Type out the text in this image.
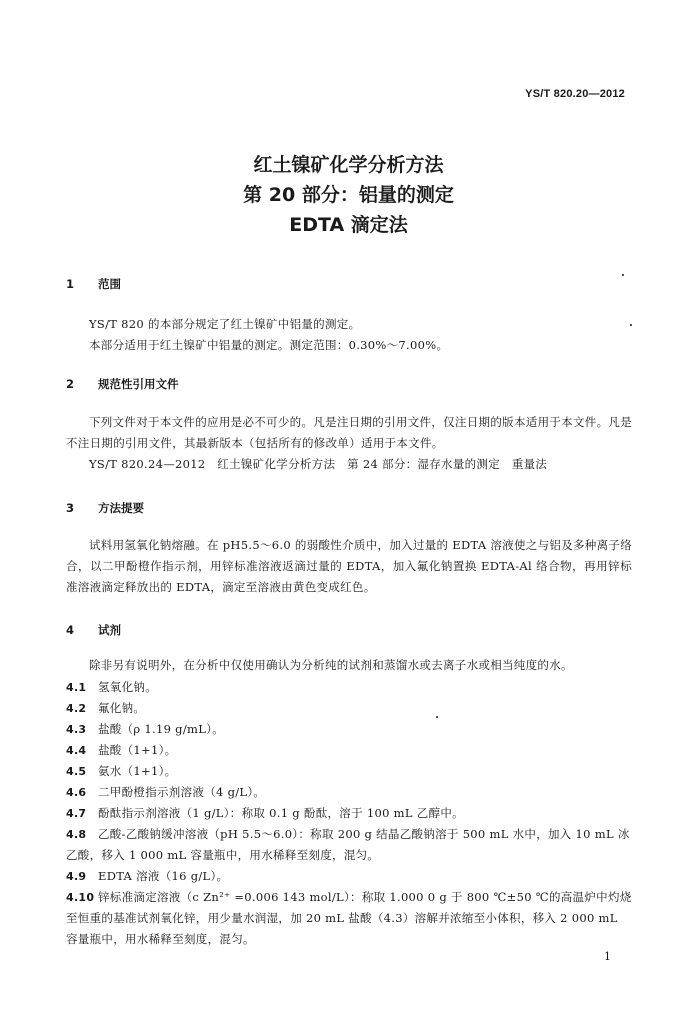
YS/T 820.20—2012
红土镍矿化学分析方法
第 20 部分：铝量的测定
EDTA 滴定法
1 范围
YS/T 820 的本部分规定了红土镍矿中铝量的测定。
本部分适用于红土镍矿中铝量的测定。测定范围：0.30%～7.00%。
2 规范性引用文件
下列文件对于本文件的应用是必不可少的。凡是注日期的引用文件，仅注日期的版本适用于本文件。凡是不注日期的引用文件，其最新版本（包括所有的修改单）适用于本文件。
YS/T 820.24—2012　红土镍矿化学分析方法　第 24 部分：湿存水量的测定　重量法
3 方法提要
试料用氢氧化钠熔融。在 pH5.5～6.0 的弱酸性介质中，加入过量的 EDTA 溶液使之与铝及多种离子络合，以二甲酚橙作指示剂，用锌标准溶液返滴过量的 EDTA，加入氟化钠置换 EDTA-Al 络合物，再用锌标准溶液滴定释放出的 EDTA，滴定至溶液由黄色变成红色。
4 试剂
除非另有说明外，在分析中仅使用确认为分析纯的试剂和蒸馏水或去离子水或相当纯度的水。
4.1 氢氧化钠。
4.2 氟化钠。
4.3 盐酸（ρ 1.19 g/mL）。
4.4 盐酸（1+1）。
4.5 氨水（1+1）。
4.6 二甲酚橙指示剂溶液（4 g/L）。
4.7 酚酞指示剂溶液（1 g/L）：称取 0.1 g 酚酞，溶于 100 mL 乙醇中。
4.8 乙酸-乙酸钠缓冲溶液（pH 5.5～6.0）：称取 200 g 结晶乙酸钠溶于 500 mL 水中，加入 10 mL 冰乙酸，移入 1 000 mL 容量瓶中，用水稀释至刻度，混匀。
4.9 EDTA 溶液（16 g/L）。
4.10 锌标准滴定溶液（c Zn²⁺ =0.006 143 mol/L）：称取 1.000 0 g 于 800 ℃±50 ℃的高温炉中灼烧至恒重的基准试剂氧化锌，用少量水润湿，加 20 mL 盐酸（4.3）溶解并浓缩至小体积，移入 2 000 mL 容量瓶中，用水稀释至刻度，混匀。
1
